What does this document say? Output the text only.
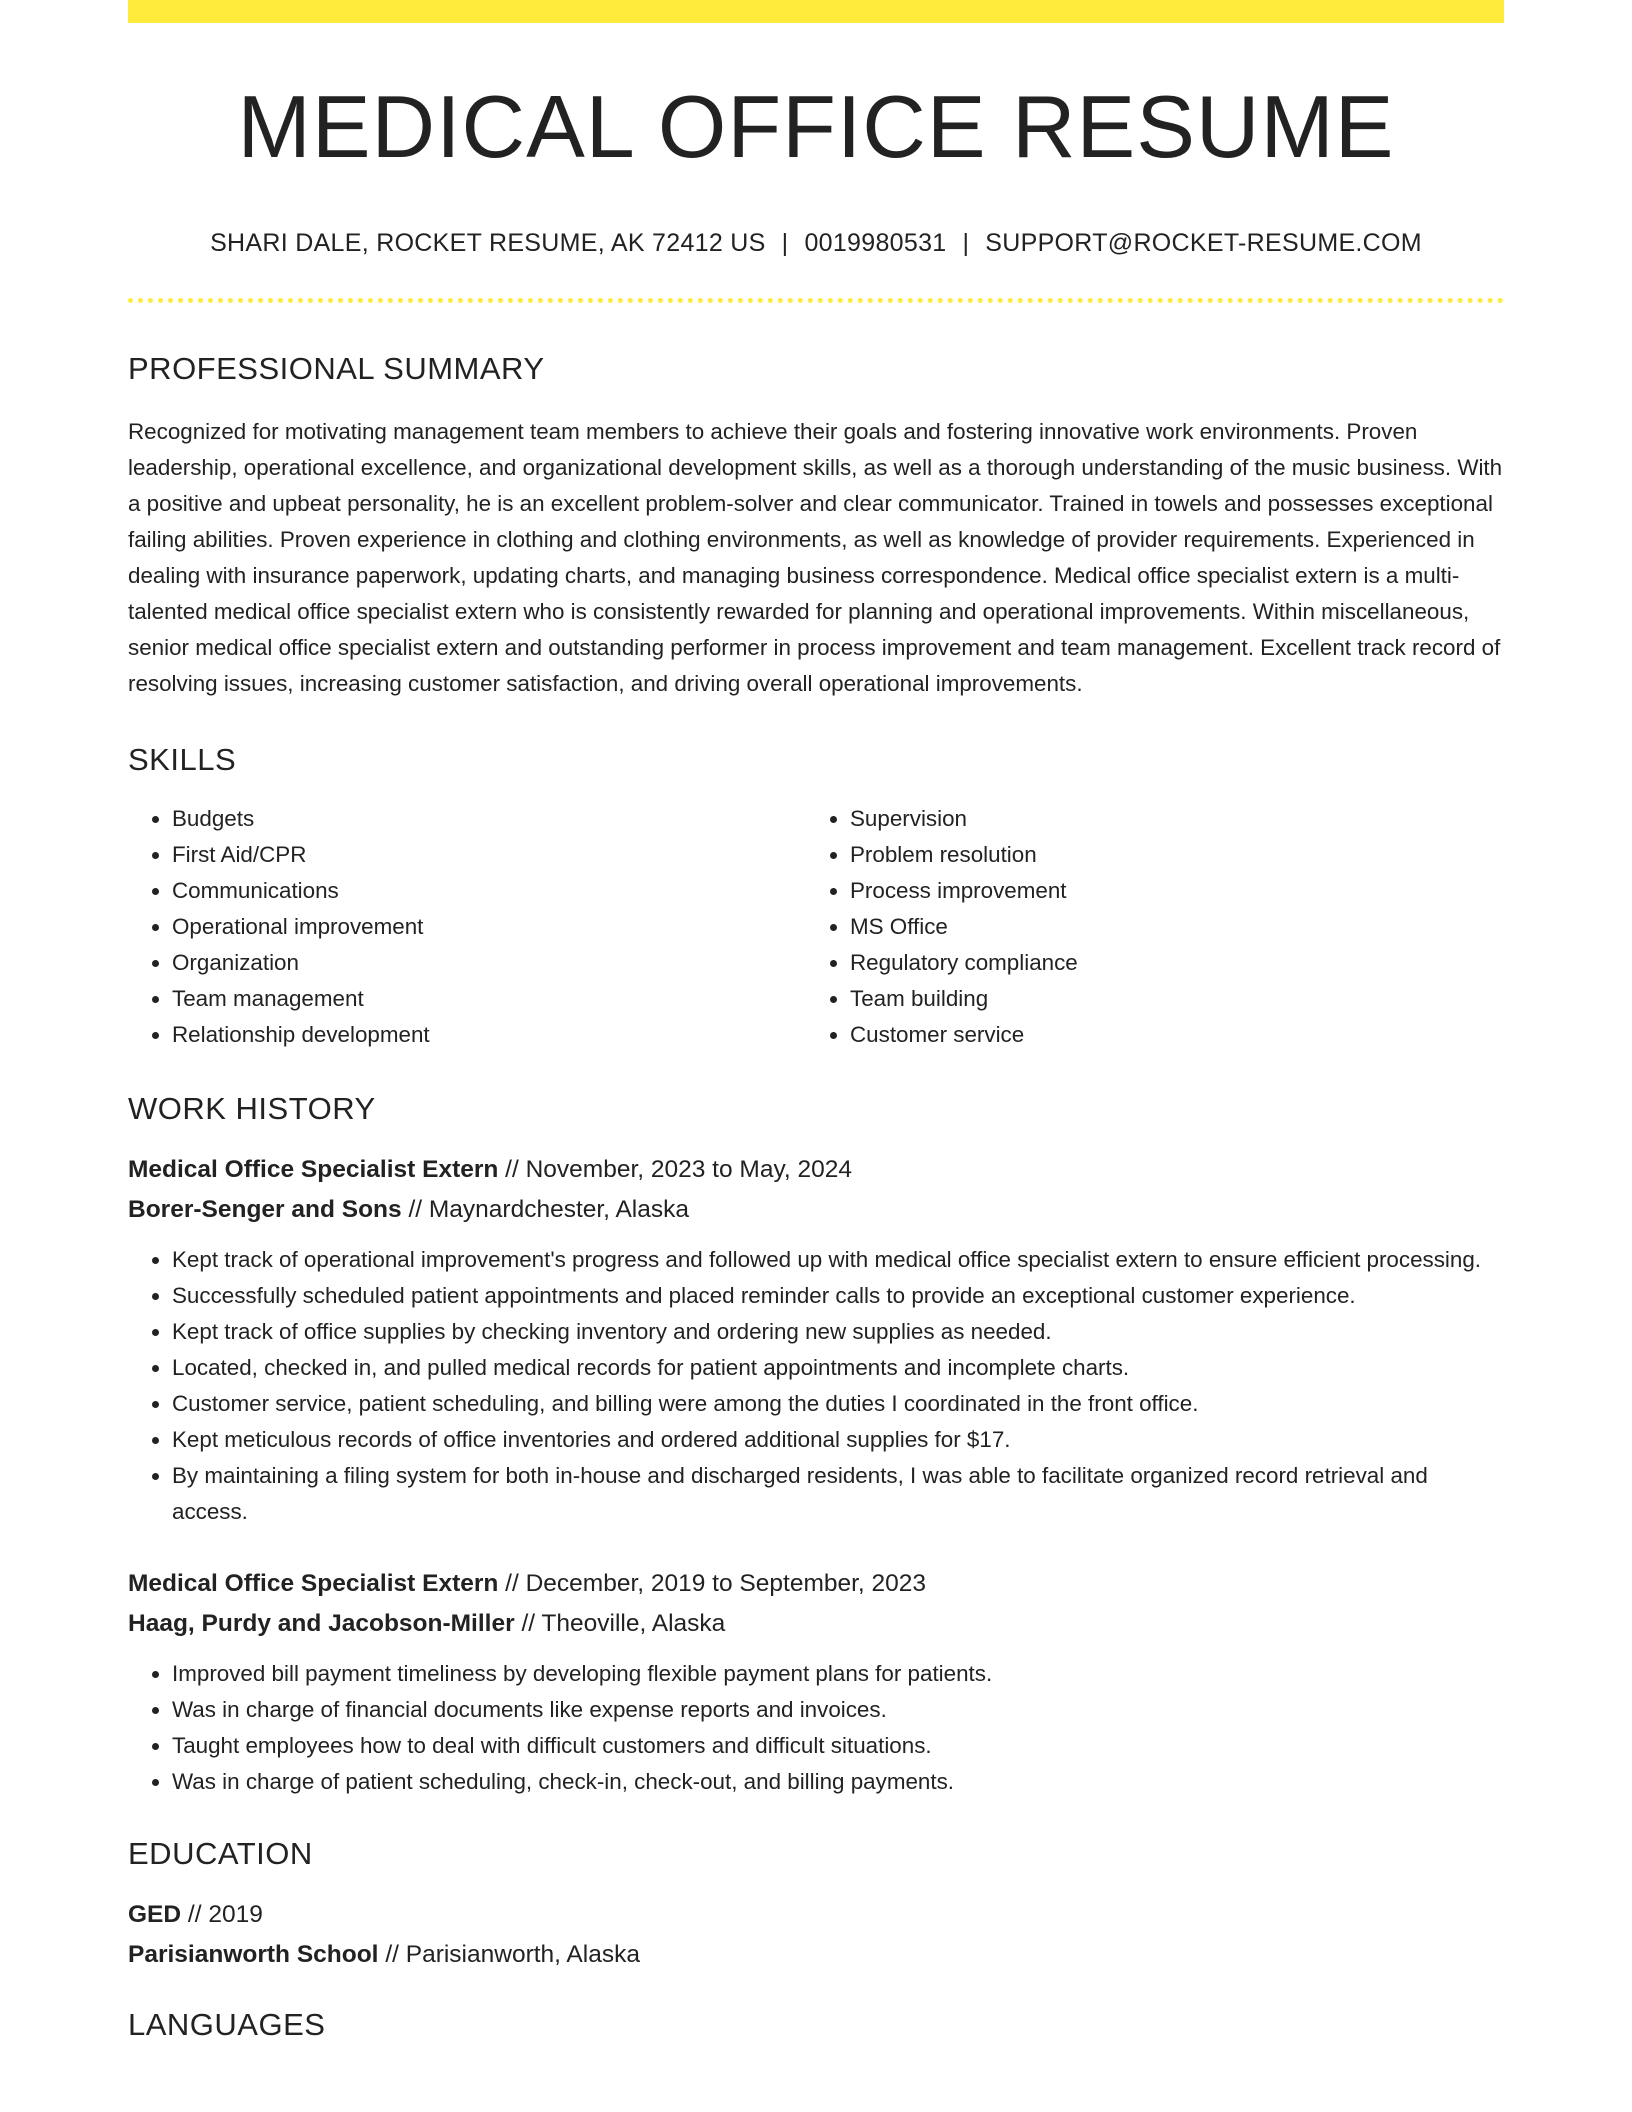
MEDICAL OFFICE RESUME
SHARI DALE, ROCKET RESUME, AK 72412 US | 0019980531 | SUPPORT@ROCKET-RESUME.COM
PROFESSIONAL SUMMARY

Recognized for motivating management team members to achieve their goals and fostering innovative work environments. Proven leadership, operational excellence, and organizational development skills, as well as a thorough understanding of the music business. With a positive and upbeat personality, he is an excellent problem-solver and clear communicator. Trained in towels and possesses exceptional failing abilities. Proven experience in clothing and clothing environments, as well as knowledge of provider requirements. Experienced in dealing with insurance paperwork, updating charts, and managing business correspondence. Medical office specialist extern is a multi-talented medical office specialist extern who is consistently rewarded for planning and operational improvements. Within miscellaneous, senior medical office specialist extern and outstanding performer in process improvement and team management. Excellent track record of resolving issues, increasing customer satisfaction, and driving overall operational improvements.

SKILLS
• Budgets
• First Aid/CPR
• Communications
• Operational improvement
• Organization
• Team management
• Relationship development
• Supervision
• Problem resolution
• Process improvement
• MS Office
• Regulatory compliance
• Team building
• Customer service
WORK HISTORY
Medical Office Specialist Extern // November, 2023 to May, 2024
Borer-Senger and Sons // Maynardchester, Alaska
• Kept track of operational improvement's progress and followed up with medical office specialist extern to ensure efficient processing.
• Successfully scheduled patient appointments and placed reminder calls to provide an exceptional customer experience.
• Kept track of office supplies by checking inventory and ordering new supplies as needed.
• Located, checked in, and pulled medical records for patient appointments and incomplete charts.
• Customer service, patient scheduling, and billing were among the duties I coordinated in the front office.
• Kept meticulous records of office inventories and ordered additional supplies for $17.
• By maintaining a filing system for both in-house and discharged residents, I was able to facilitate organized record retrieval and access.
Medical Office Specialist Extern // December, 2019 to September, 2023
Haag, Purdy and Jacobson-Miller // Theoville, Alaska
• Improved bill payment timeliness by developing flexible payment plans for patients.
• Was in charge of financial documents like expense reports and invoices.
• Taught employees how to deal with difficult customers and difficult situations.
• Was in charge of patient scheduling, check-in, check-out, and billing payments.
EDUCATION
GED // 2019
Parisianworth School // Parisianworth, Alaska
LANGUAGES
